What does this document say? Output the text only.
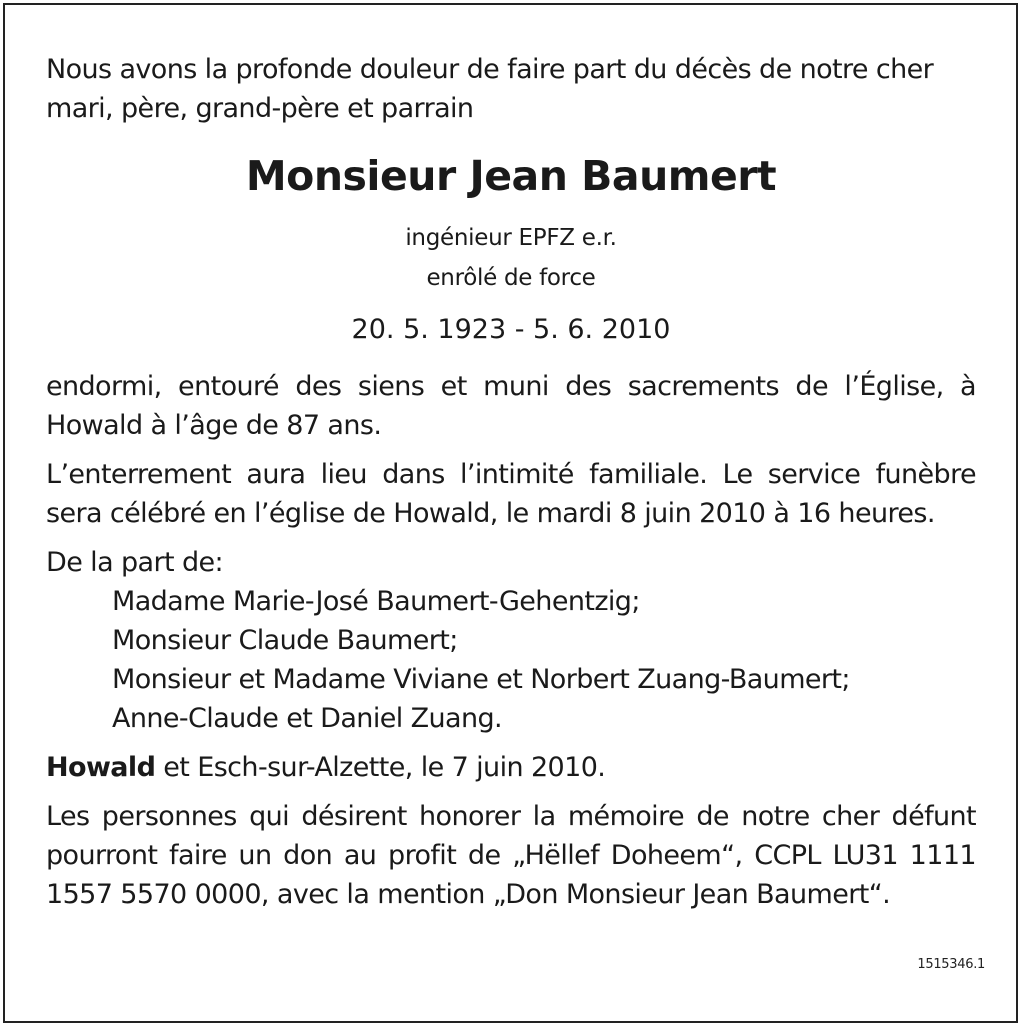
Nous avons la profonde douleur de faire part du décès de notre cher mari, père, grand-père et parrain

Monsieur Jean Baumert

ingénieur EPFZ e.r.

enrôlé de force

20. 5. 1923 - 5. 6. 2010

endormi, entouré des siens et muni des sacrements de l’Église, à Howald à l’âge de 87 ans.

L’enterrement aura lieu dans l’intimité familiale. Le service funèbre sera célébré en l’église de Howald, le mardi 8 juin 2010 à 16 heures.

De la part de:

Madame Marie-José Baumert-Gehentzig;
Monsieur Claude Baumert;
Monsieur et Madame Viviane et Norbert Zuang-Baumert;
Anne-Claude et Daniel Zuang.

Howald et Esch-sur-Alzette, le 7 juin 2010.

Les personnes qui désirent honorer la mémoire de notre cher défunt pourront faire un don au profit de „Hëllef Doheem“, CCPL LU31 1111 1557 5570 0000, avec la mention „Don Monsieur Jean Baumert“.

1515346.1
